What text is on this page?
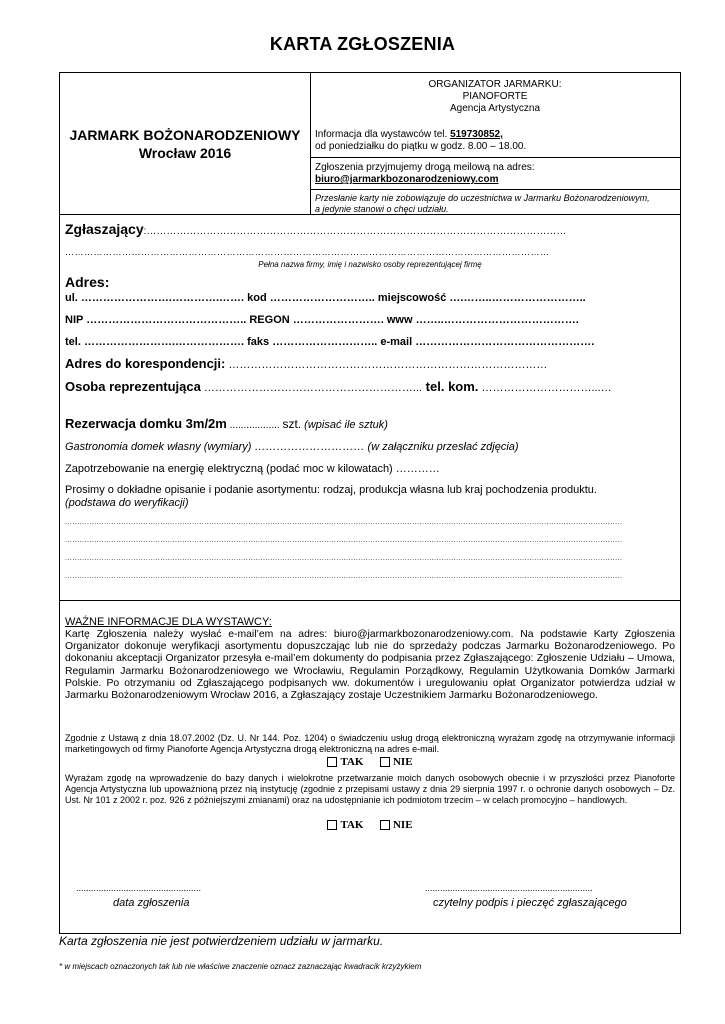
KARTA ZGŁOSZENIA
JARMARK BOŻONARODZENIOWY
Wrocław 2016
ORGANIZATOR JARMARKU:
PIANOFORTE
Agencja Artystyczna
Informacja dla wystawców tel. 519730852,
od poniedziałku do piątku w godz. 8.00 – 18.00.
Zgłoszenia przyjmujemy drogą meilową na adres:
biuro@jarmarkbozonarodzeniowy.com
Przesłanie karty nie zobowiązuje do uczestnictwa w Jarmarku Bożonarodzeniowym,
a jedynie stanowi o chęci udziału.
Zgłaszający:………………………………………………………………………………………………………………
………………………………………………………………………………………………………………………………………
Pełna nazwa firmy, imię i nazwisko osoby reprezentującej firmę
Adres:
ul. …………………….………….……. kod ……………………….. miejscowość ….……..……………………..
NIP …………………………………….. REGON ……………………. www ……..……………………………….
tel. …………………….………………. faks ……………………….. e-mail ………………………………………….
Adres do korespondencji: ……………………………………………………………………………
Osoba reprezentująca …………………………………………………... tel. kom. …………………………...…
Rezerwacja domku 3m/2m .................. szt. (wpisać ile sztuk)
Gastronomia domek własny (wymiary) ………………………… (w załączniku przesłać zdjęcia)
Zapotrzebowanie na energię elektryczną (podać moc w kilowatach) …………
Prosimy o dokładne opisanie i podanie asortymentu: rodzaj, produkcja własna lub kraj pochodzenia produktu.
(podstawa do weryfikacji)
....................................................................................................................................................................................................................................
....................................................................................................................................................................................................................................
....................................................................................................................................................................................................................................
....................................................................................................................................................................................................................................
WAŻNE INFORMACJE DLA WYSTAWCY:
Kartę Zgłoszenia należy wysłać e-mail’em na adres: biuro@jarmarkbozonarodzeniowy.com. Na podstawie Karty Zgłoszenia Organizator dokonuje weryfikacji asortymentu dopuszczając lub nie do sprzedaży podczas Jarmarku Bożonarodzeniowego. Po dokonaniu akceptacji Organizator przesyła e-mail’em dokumenty do podpisania przez Zgłaszającego: Zgłoszenie Udziału – Umowa, Regulamin Jarmarku Bożonarodzeniowego we Wrocławiu, Regulamin Porządkowy, Regulamin Użytkowania Domków Jarmarki Polskie. Po otrzymaniu od Zgłaszającego podpisanych ww. dokumentów i uregulowaniu opłat Organizator potwierdza udział w Jarmarku Bożonarodzeniowym Wrocław 2016, a Zgłaszający zostaje Uczestnikiem Jarmarku Bożonarodzeniowego.
Zgodnie z Ustawą z dnia 18.07.2002 (Dz. U. Nr 144. Poz. 1204) o świadczeniu usług drogą elektroniczną wyrażam zgodę na otrzymywanie informacji marketingowych od firmy Pianoforte Agencja Artystyczna drogą elektroniczną na adres e-mail.
TAK	NIE
Wyrażam zgodę na wprowadzenie do bazy danych i wielokrotne przetwarzanie moich danych osobowych obecnie i w przyszłości przez Pianoforte Agencja Artystyczna lub upoważnioną przez nią instytucję (zgodnie z przepisami ustawy z dnia 29 sierpnia 1997 r. o ochronie danych osobowych – Dz. Ust. Nr 101 z 2002 r. poz. 926 z późniejszymi zmianami) oraz na udostępnianie ich podmiotom trzecim – w celach promocyjno – handlowych.
TAK	NIE
..................................................
data zgłoszenia
...................................................................
czytelny podpis i pieczęć zgłaszającego
Karta zgłoszenia nie jest potwierdzeniem udziału w jarmarku.
* w miejscach oznaczonych tak lub nie właściwe znaczenie oznacz zaznaczając kwadracik krzyżykiem
